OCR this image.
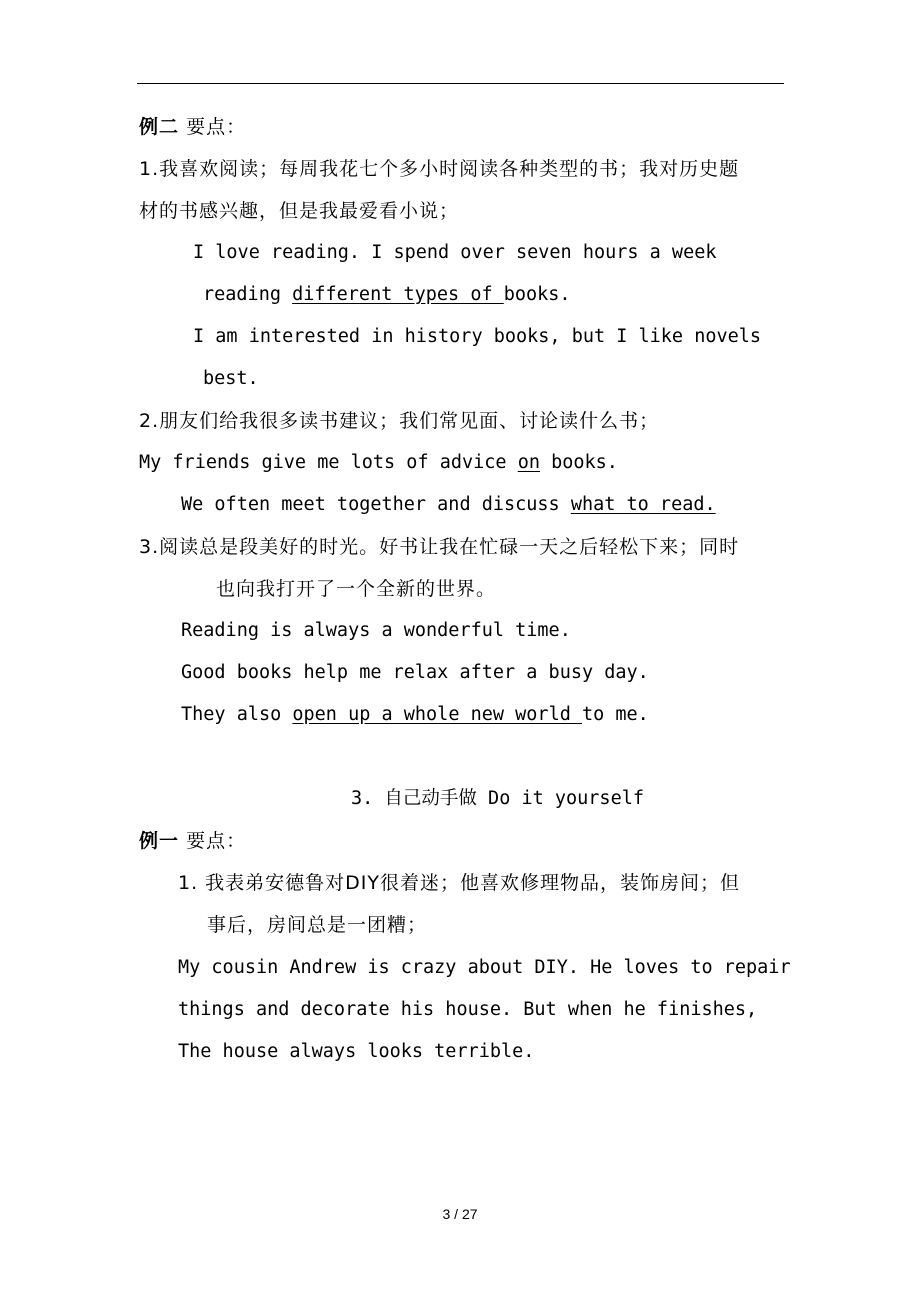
例二 要点：
1.我喜欢阅读；每周我花七个多小时阅读各种类型的书；我对历史题
材的书感兴趣，但是我最爱看小说；
I love reading. I spend over seven hours a week
reading different types of books.
I am interested in history books, but I like novels
best.
2.朋友们给我很多读书建议；我们常见面、讨论读什么书；
My friends give me lots of advice on books.
We often meet together and discuss what to read.
3.阅读总是段美好的时光。好书让我在忙碌一天之后轻松下来；同时
也向我打开了一个全新的世界。
Reading is always a wonderful time.
Good books help me relax after a busy day.
They also open up a whole new world to me.
3. 自己动手做 Do it yourself
例一 要点：
1. 我表弟安德鲁对DIY很着迷；他喜欢修理物品，装饰房间；但
事后，房间总是一团糟；
My cousin Andrew is crazy about DIY. He loves to repair
things and decorate his house. But when he finishes,
The house always looks terrible.
3 / 27
